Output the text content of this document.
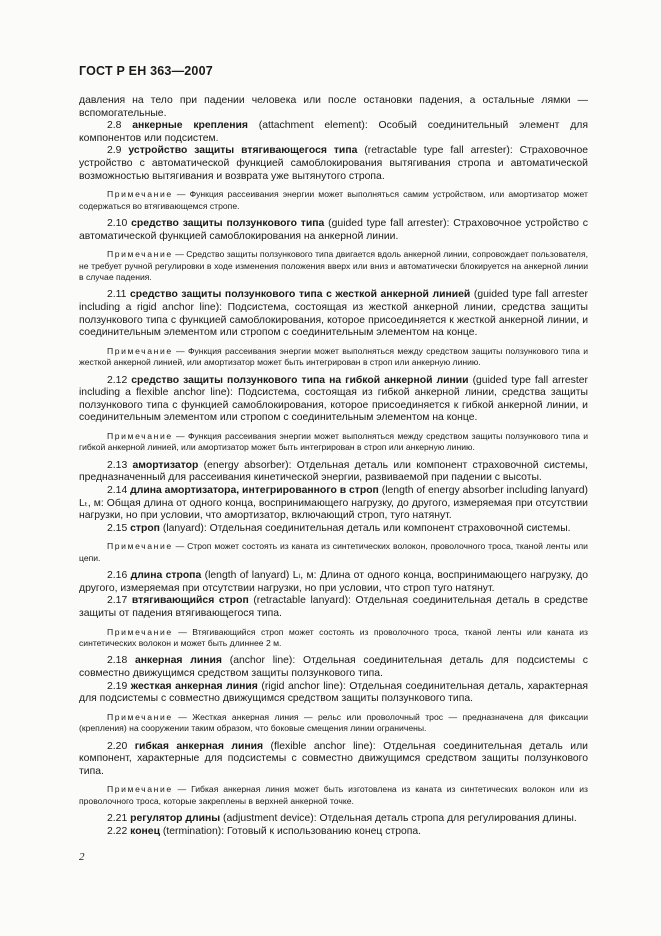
ГОСТ Р ЕН 363—2007

давления на тело при падении человека или после остановки падения, а остальные лямки — вспомогательные.

2.8 анкерные крепления (attachment element): Особый соединительный элемент для компонентов или подсистем.

2.9 устройство защиты втягивающегося типа (retractable type fall arrester): Страховочное устройство с автоматической функцией самоблокирования вытягивания стропа и автоматической возможностью вытягивания и возврата уже вытянутого стропа.

Примечание — Функция рассеивания энергии может выполняться самим устройством, или амортизатор может содержаться во втягивающемся стропе.

2.10 средство защиты ползункового типа (guided type fall arrester): Страховочное устройство с автоматической функцией самоблокирования на анкерной линии.

Примечание — Средство защиты ползункового типа двигается вдоль анкерной линии, сопровождает пользователя, не требует ручной регулировки в ходе изменения положения вверх или вниз и автоматически блокируется на анкерной линии в случае падения.

2.11 средство защиты ползункового типа с жесткой анкерной линией (guided type fall arrester including a rigid anchor line): Подсистема, состоящая из жесткой анкерной линии, средства защиты ползункового типа с функцией самоблокирования, которое присоединяется к жесткой анкерной линии, и соединительным элементом или стропом с соединительным элементом на конце.

Примечание — Функция рассеивания энергии может выполняться между средством защиты ползункового типа и жесткой анкерной линией, или амортизатор может быть интегрирован в строп или анкерную линию.

2.12 средство защиты ползункового типа на гибкой анкерной линии (guided type fall arrester including a flexible anchor line): Подсистема, состоящая из гибкой анкерной линии, средства защиты ползункового типа с функцией самоблокирования, которое присоединяется к гибкой анкерной линии, и соединительным элементом или стропом с соединительным элементом на конце.

Примечание — Функция рассеивания энергии может выполняться между средством защиты ползункового типа и гибкой анкерной линией, или амортизатор может быть интегрирован в строп или анкерную линию.

2.13 амортизатор (energy absorber): Отдельная деталь или компонент страховочной системы, предназначенный для рассеивания кинетической энергии, развиваемой при падении с высоты.

2.14 длина амортизатора, интегрированного в строп (length of energy absorber including lanyard) Lₜ, м: Общая длина от одного конца, воспринимающего нагрузку, до другого, измеряемая при отсутствии нагрузки, но при условии, что амортизатор, включающий строп, туго натянут.

2.15 строп (lanyard): Отдельная соединительная деталь или компонент страховочной системы.

Примечание — Строп может состоять из каната из синтетических волокон, проволочного троса, тканой ленты или цепи.

2.16 длина стропа (length of lanyard) Lₗ, м: Длина от одного конца, воспринимающего нагрузку, до другого, измеряемая при отсутствии нагрузки, но при условии, что строп туго натянут.

2.17 втягивающийся строп (retractable lanyard): Отдельная соединительная деталь в средстве защиты от падения втягивающегося типа.

Примечание — Втягивающийся строп может состоять из проволочного троса, тканой ленты или каната из синтетических волокон и может быть длиннее 2 м.

2.18 анкерная линия (anchor line): Отдельная соединительная деталь для подсистемы с совместно движущимся средством защиты ползункового типа.

2.19 жесткая анкерная линия (rigid anchor line): Отдельная соединительная деталь, характерная для подсистемы с совместно движущимся средством защиты ползункового типа.

Примечание — Жесткая анкерная линия — рельс или проволочный трос — предназначена для фиксации (крепления) на сооружении таким образом, что боковые смещения линии ограничены.

2.20 гибкая анкерная линия (flexible anchor line): Отдельная соединительная деталь или компонент, характерные для подсистемы с совместно движущимся средством защиты ползункового типа.

Примечание — Гибкая анкерная линия может быть изготовлена из каната из синтетических волокон или из проволочного троса, которые закреплены в верхней анкерной точке.

2.21 регулятор длины (adjustment device): Отдельная деталь стропа для регулирования длины.

2.22 конец (termination): Готовый к использованию конец стропа.

2
